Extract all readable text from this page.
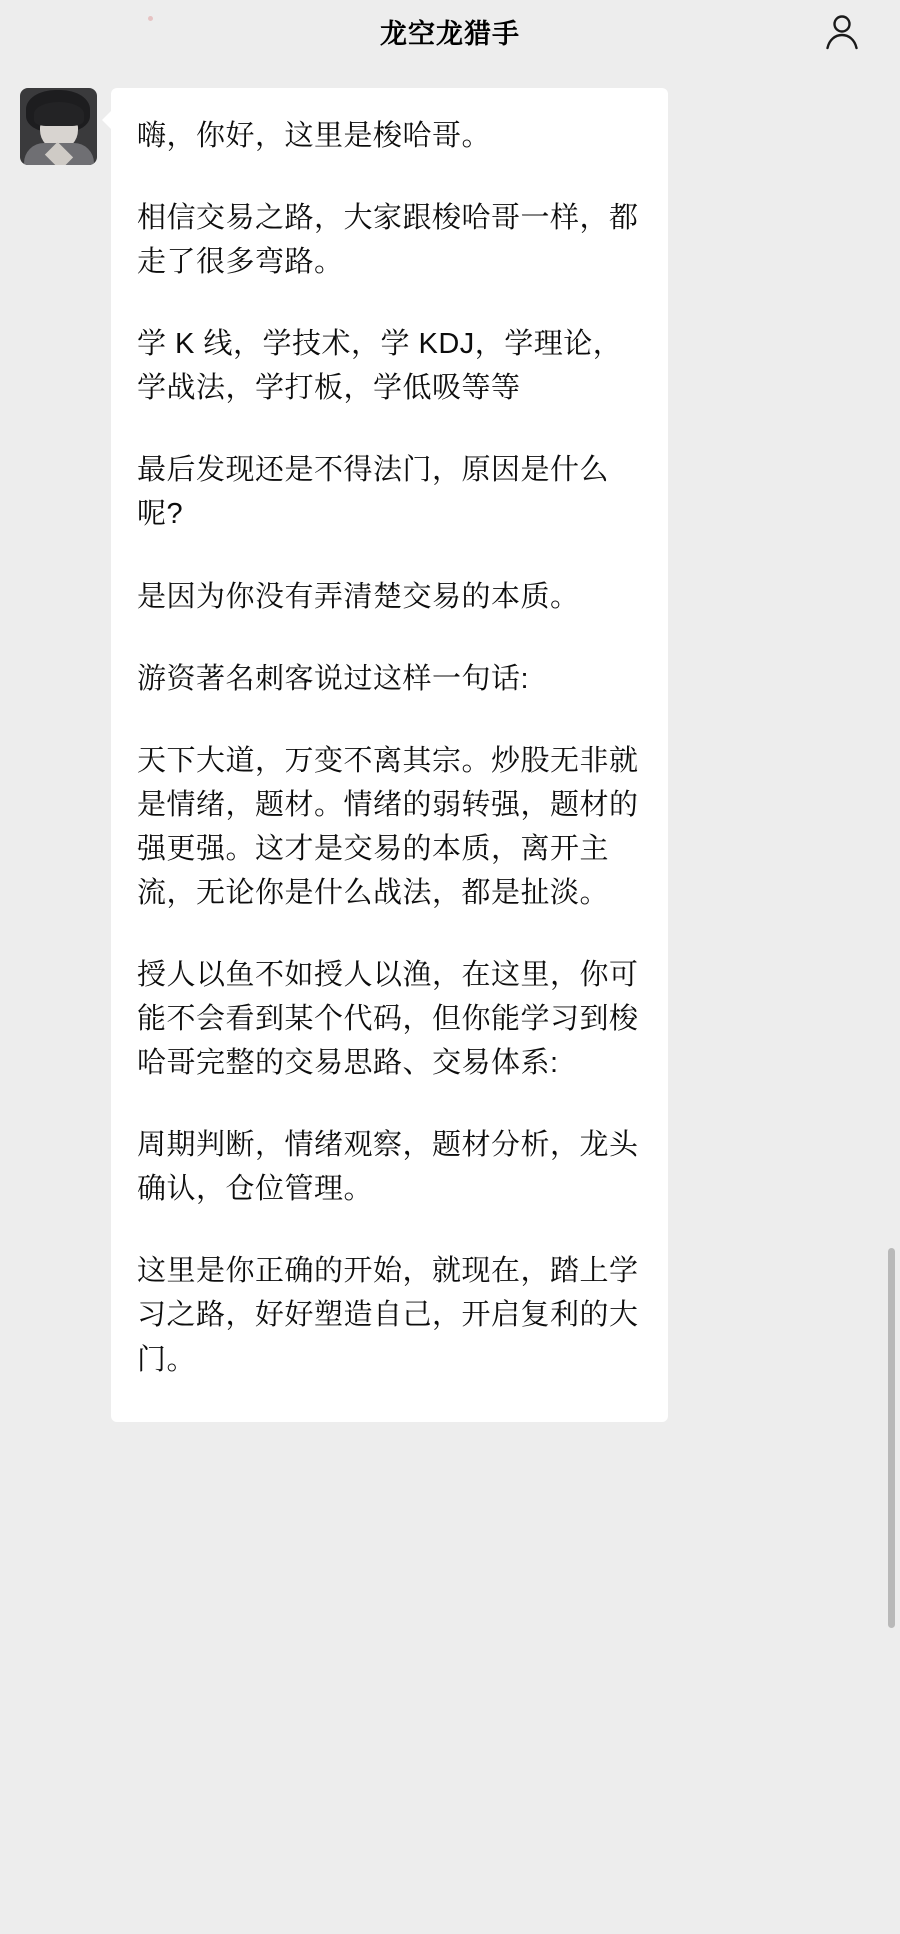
龙空龙猎手

嗨，你好，这里是梭哈哥。

相信交易之路，大家跟梭哈哥一样，都走了很多弯路。

学 K 线，学技术，学 KDJ，学理论，学战法，学打板，学低吸等等

最后发现还是不得法门，原因是什么呢?

是因为你没有弄清楚交易的本质。

游资著名刺客说过这样一句话:

天下大道，万变不离其宗。炒股无非就是情绪，题材。情绪的弱转强，题材的强更强。这才是交易的本质，离开主流，无论你是什么战法，都是扯淡。

授人以鱼不如授人以渔，在这里，你可能不会看到某个代码，但你能学习到梭哈哥完整的交易思路、交易体系:

周期判断，情绪观察，题材分析，龙头确认，仓位管理。

这里是你正确的开始，就现在，踏上学习之路，好好塑造自己，开启复利的大门。
